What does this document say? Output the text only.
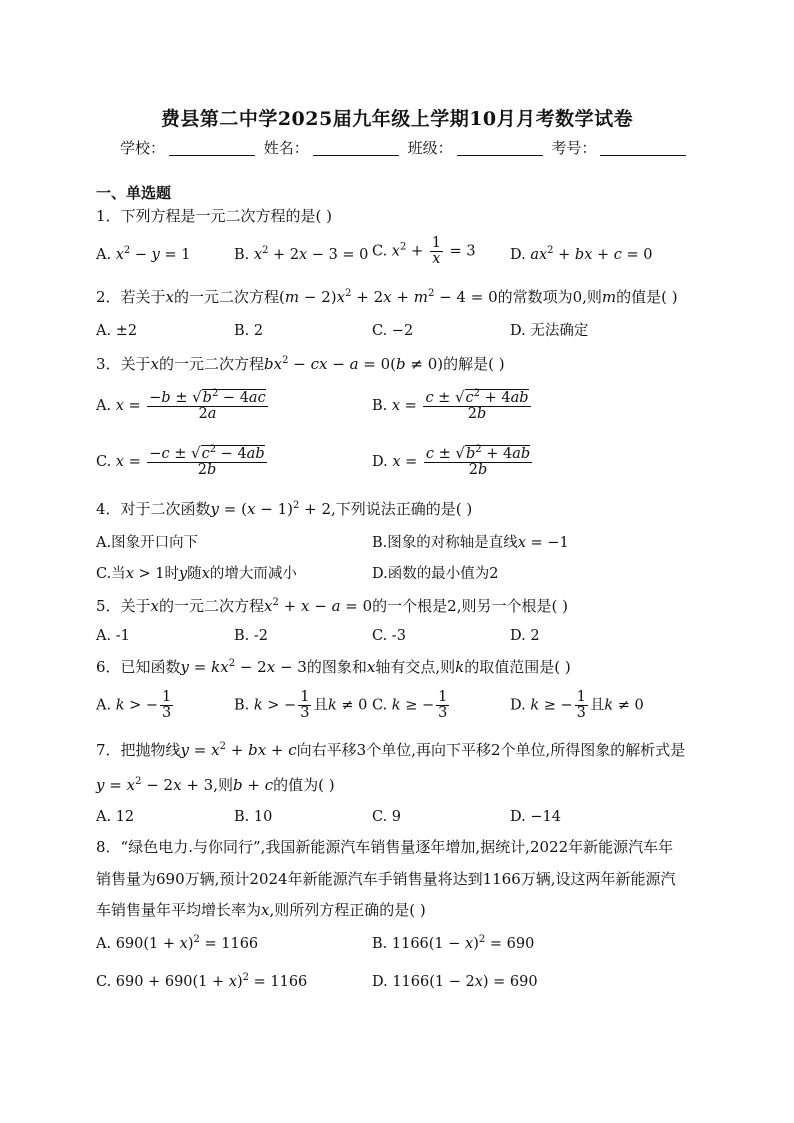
费县第二中学2025届九年级上学期10月月考数学试卷
学校：	姓名：	班级：	考号：
一、单选题
1．下列方程是一元二次方程的是( )
A. $x^2 - y = 1$	B. $x^2 + 2x - 3 = 0$ C. $x^2 + \frac{1}{x} = 3$ D. $ax^2$ + bx + c = 0
2．若关于x的一元二次方程$(m - 2)x^2 + 2x + m^2 - 4 = 0$的常数项为0,则m的值是( )
A. ±2	B. 2	C. −2	D. 无法确定
3．关于x的一元二次方程$bx^2$ − cx − a = 0(b ≠ 0)的解是( )
A. $x = \frac{-b \pm √b^2 - 4ac}{2a}$	B. $x = \frac{c \pm √c^2 + 4ab}{2b}$
C. $x = \frac{-c \pm √c^2 - 4ab}{2b}$	D. $x = \frac{c \pm √b^2 + 4ab}{2b}$
4．对于二次函数$y = (x - 1)^2 + 2$,下列说法正确的是( )
A.图象开口向下	B.图象的对称轴是直线x = −1
C.当x > 1时y随x的增大而减小	D.函数的最小值为2
5．关于x的一元二次方程$x^2 + x - a = 0$的一个根是2,则另一个根是( )
A. -1	B. -2	C. -3	D. 2
6．已知函数$y = kx^2 - 2x - 3$的图象和x轴有交点,则k的取值范围是( )
A. k > − $\frac{1}{3}$	B. k > − $\frac{1}{3}$ 且k ≠ 0 C. k ≥ − $\frac{1}{3}$	D. k ≥ − $\frac{1}{3}$ 且k ≠ 0
7．把抛物线$y = x^2$ + bx + c向右平移3个单位,再向下平移2个单位,所得图象的解析式是
$y = x^2 - 2x + 3$,则b + c的值为( )
A. 12	B. 10	C. 9	D. −14
8．“绿色电力.与你同行”,我国新能源汽车销售量逐年增加,据统计,2022年新能源汽车年
销售量为690万辆,预计2024年新能源汽车手销售量将达到1166万辆,设这两年新能源汽
车销售量年平均增长率为x,则所列方程正确的是( )
A. $690(1 + x)^2 = 1166$	B. $1166(1 - x)^2 = 690$
C. $690 + 690(1 + x)^2 = 1166$	D. 1166(1 − 2x) = 690
